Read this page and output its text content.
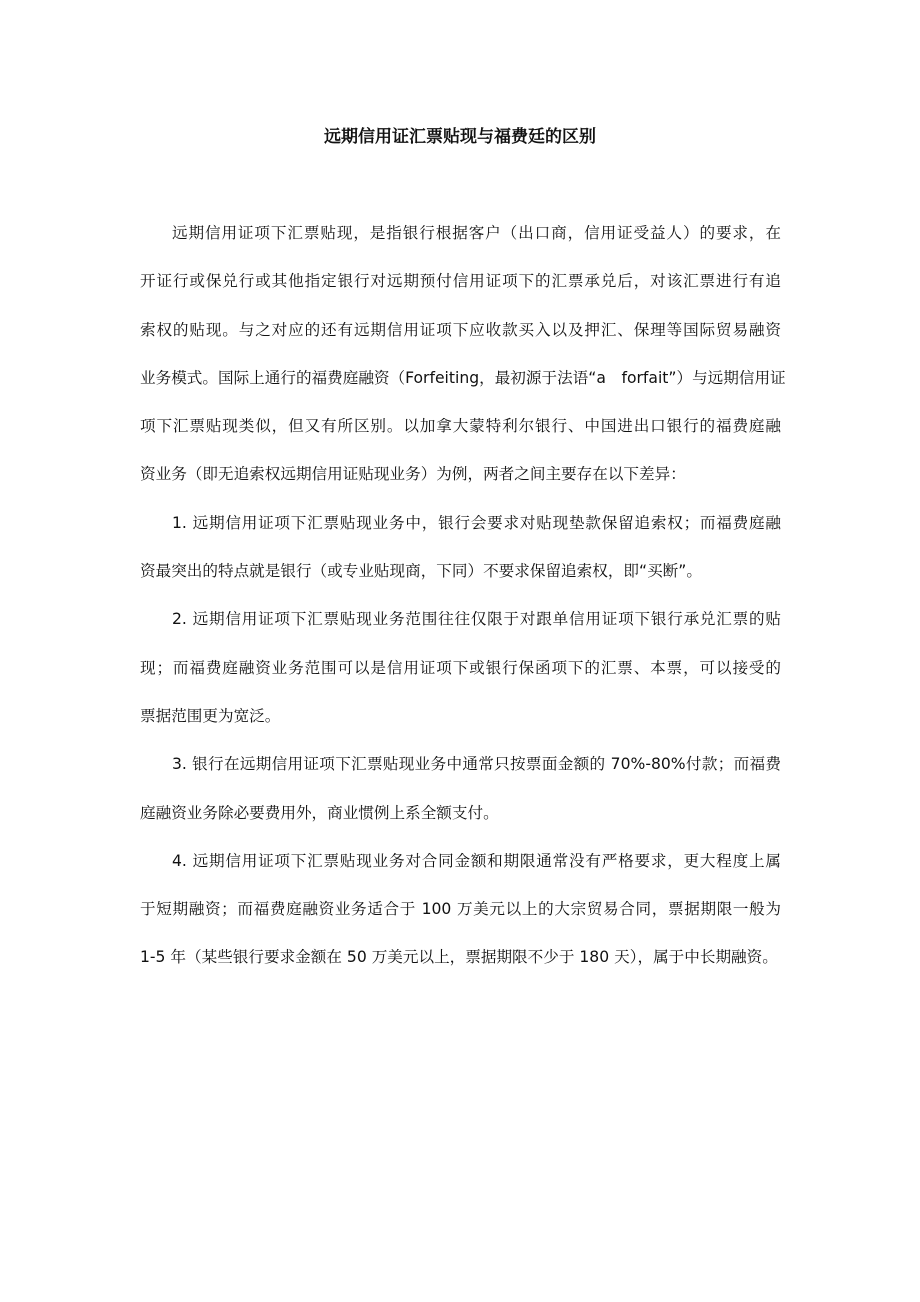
远期信用证汇票贴现与福费廷的区别
远期信用证项下汇票贴现，是指银行根据客户（出口商，信用证受益人）的要求，在
开证行或保兑行或其他指定银行对远期预付信用证项下的汇票承兑后，对该汇票进行有追
索权的贴现。与之对应的还有远期信用证项下应收款买入以及押汇、保理等国际贸易融资
业务模式。国际上通行的福费庭融资（Forfeiting，最初源于法语“a　forfait”）与远期信用证
项下汇票贴现类似，但又有所区别。以加拿大蒙特利尔银行、中国进出口银行的福费庭融
资业务（即无追索权远期信用证贴现业务）为例，两者之间主要存在以下差异：
1. 远期信用证项下汇票贴现业务中，银行会要求对贴现垫款保留追索权；而福费庭融
资最突出的特点就是银行（或专业贴现商，下同）不要求保留追索权，即“买断”。
2. 远期信用证项下汇票贴现业务范围往往仅限于对跟单信用证项下银行承兑汇票的贴
现；而福费庭融资业务范围可以是信用证项下或银行保函项下的汇票、本票，可以接受的
票据范围更为宽泛。
3. 银行在远期信用证项下汇票贴现业务中通常只按票面金额的 70%-80%付款；而福费
庭融资业务除必要费用外，商业惯例上系全额支付。
4. 远期信用证项下汇票贴现业务对合同金额和期限通常没有严格要求，更大程度上属
于短期融资；而福费庭融资业务适合于 100 万美元以上的大宗贸易合同，票据期限一般为
1-5 年（某些银行要求金额在 50 万美元以上，票据期限不少于 180 天），属于中长期融资。
